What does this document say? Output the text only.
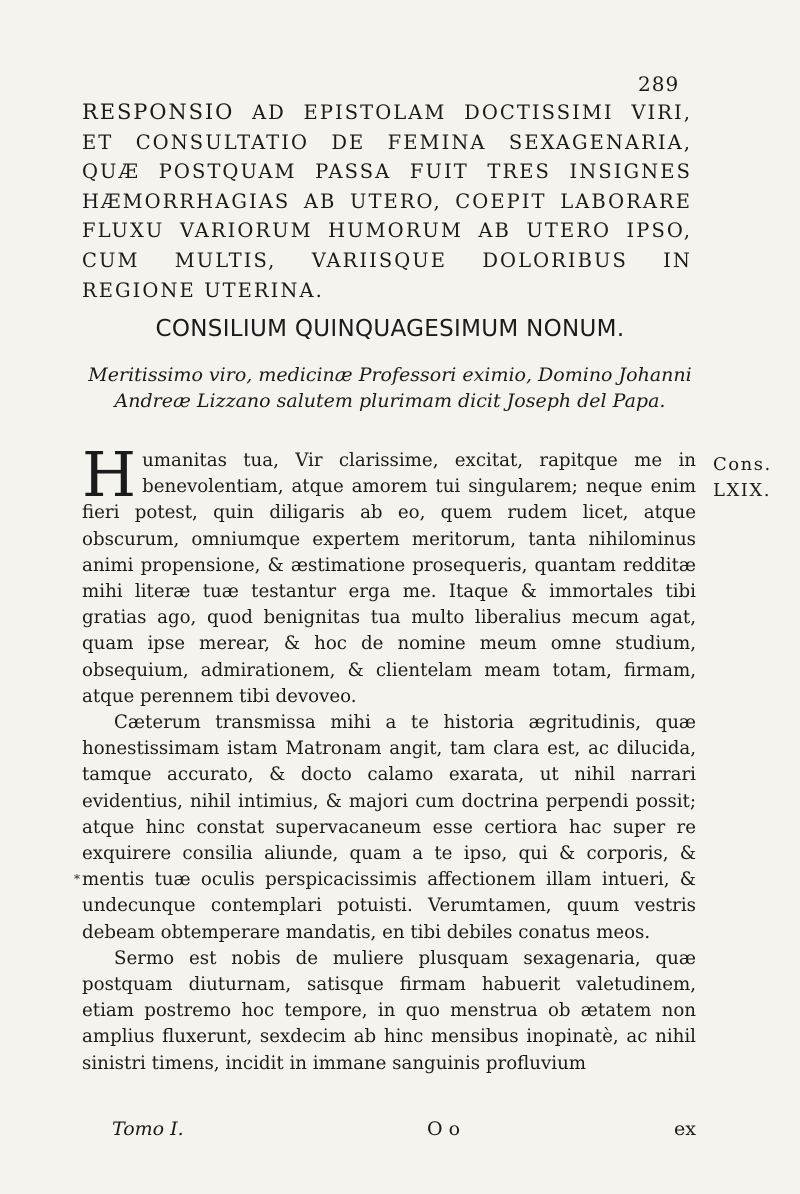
289
RESPONSIO AD EPISTOLAM DOCTISSIMI VIRI, ET CONSULTATIO DE FEMINA SEXAGENARIA, QUÆ POSTQUAM PASSA FUIT TRES INSIGNES HÆMORRHAGIAS AB UTERO, COEPIT LABORARE FLUXU VARIORUM HUMORUM AB UTERO IPSO, CUM MULTIS, VARIISQUE DOLORIBUS IN REGIONE UTERINA.
CONSILIUM QUINQUAGESIMUM NONUM.
Meritissimo viro, medicinæ Professori eximio, Domino Johanni Andreæ Lizzano salutem plurimam dicit Joseph del Papa.
Cons. LXIX.
*

Humanitas tua, Vir clarissime, excitat, rapitque me in benevolentiam, atque amorem tui singularem; neque enim fieri potest, quin diligaris ab eo, quem rudem licet, atque obscurum, omniumque expertem meritorum, tanta nihilominus animi propensione, & æstimatione prosequeris, quantam redditæ mihi literæ tuæ testantur erga me. Itaque & immortales tibi gratias ago, quod benignitas tua multo liberalius mecum agat, quam ipse merear, & hoc de nomine meum omne studium, obsequium, admirationem, & clientelam meam totam, firmam, atque perennem tibi devoveo.

Cæterum transmissa mihi a te historia ægritudinis, quæ honestissimam istam Matronam angit, tam clara est, ac dilucida, tamque accurato, & docto calamo exarata, ut nihil narrari evidentius, nihil intimius, & majori cum doctrina perpendi possit; atque hinc constat supervacaneum esse certiora hac super re exquirere consilia aliunde, quam a te ipso, qui & corporis, & mentis tuæ oculis perspicacissimis affectionem illam intueri, & undecunque contemplari potuisti. Verumtamen, quum vestris debeam obtemperare mandatis, en tibi debiles conatus meos.

Sermo est nobis de muliere plusquam sexagenaria, quæ postquam diuturnam, satisque firmam habuerit valetudinem, etiam postremo hoc tempore, in quo menstrua ob ætatem non amplius fluxerunt, sexdecim ab hinc mensibus inopinatè, ac nihil sinistri timens, incidit in immane sanguinis profluvium

Tomo I.	O o	ex
